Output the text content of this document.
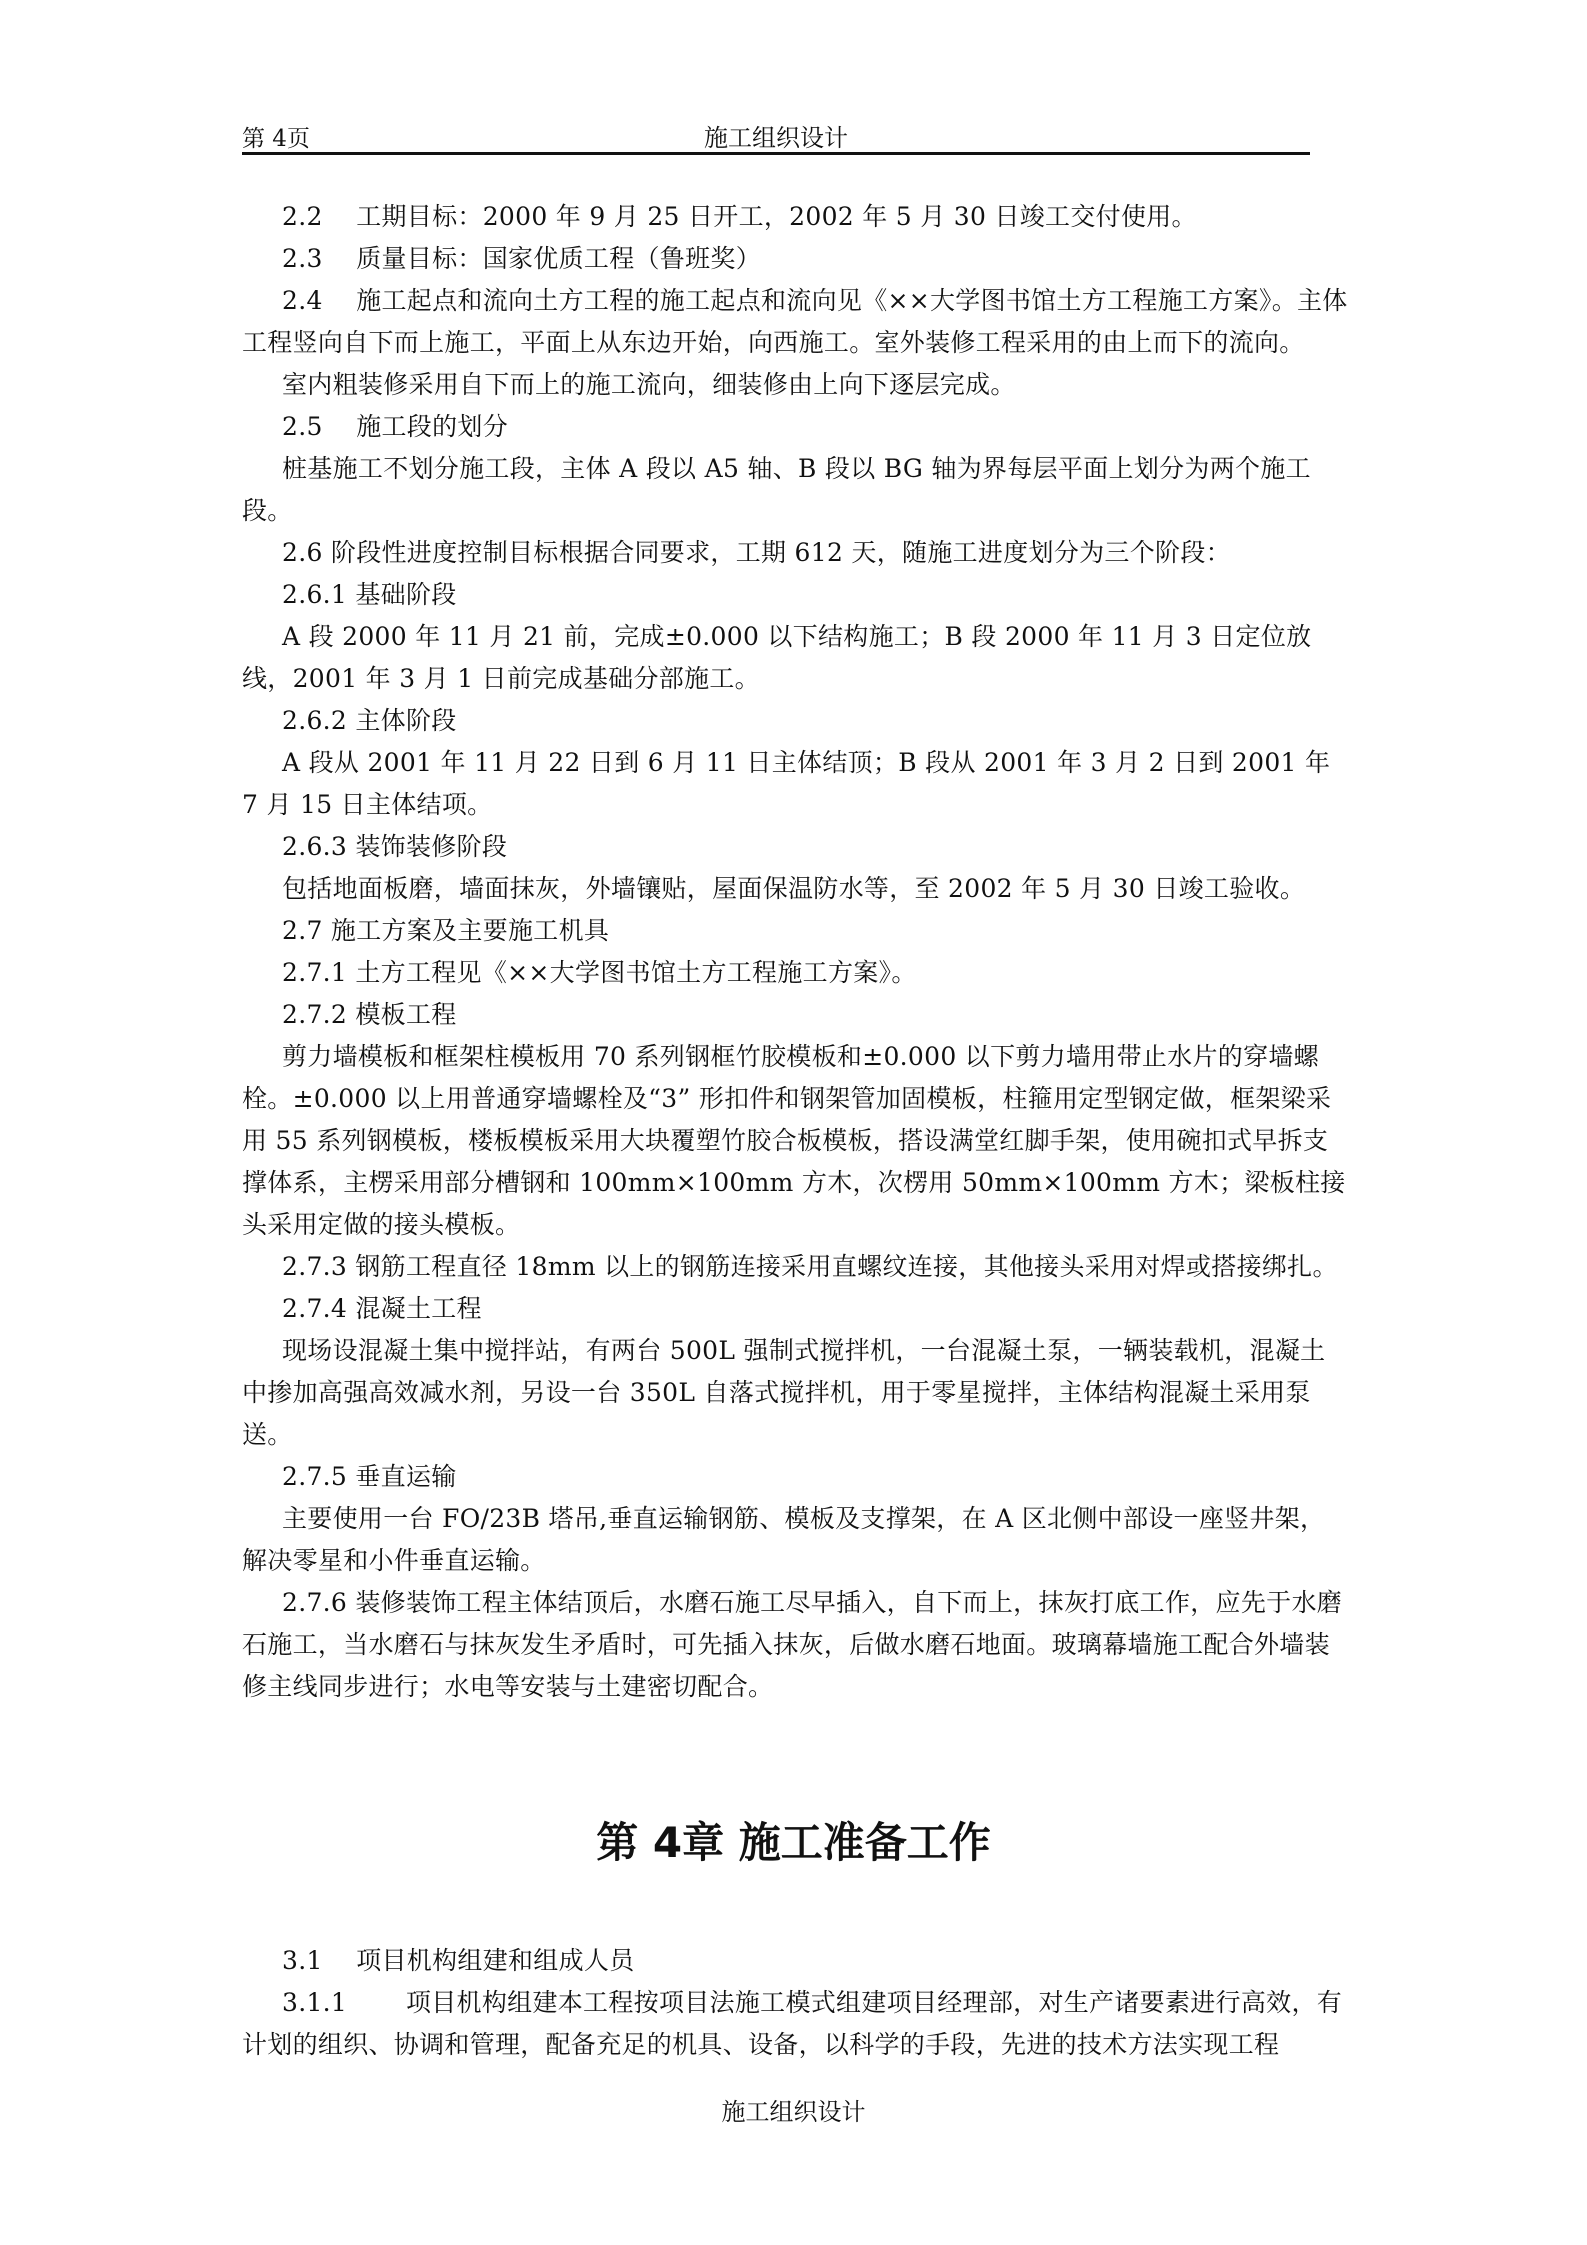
第 4页	施工组织设计

2.2　 工期目标：2000 年 9 月 25 日开工，2002 年 5 月 30 日竣工交付使用。

2.3　 质量目标：国家优质工程（鲁班奖）

2.4　 施工起点和流向土方工程的施工起点和流向见《××大学图书馆土方工程施工方案》。主体工程竖向自下而上施工，平面上从东边开始，向西施工。室外装修工程采用的由上而下的流向。

室内粗装修采用自下而上的施工流向，细装修由上向下逐层完成。

2.5　 施工段的划分

桩基施工不划分施工段，主体 A 段以 A5 轴、B 段以 BG 轴为界每层平面上划分为两个施工段。

2.6 阶段性进度控制目标根据合同要求，工期 612 天，随施工进度划分为三个阶段：

2.6.1 基础阶段

A 段 2000 年 11 月 21 前，完成±0.000 以下结构施工；B 段 2000 年 11 月 3 日定位放线，2001 年 3 月 1 日前完成基础分部施工。

2.6.2 主体阶段

A 段从 2001 年 11 月 22 日到 6 月 11 日主体结顶；B 段从 2001 年 3 月 2 日到 2001 年 7 月 15 日主体结项。

2.6.3 装饰装修阶段

包括地面板磨，墙面抹灰，外墙镶贴，屋面保温防水等，至 2002 年 5 月 30 日竣工验收。

2.7 施工方案及主要施工机具

2.7.1 土方工程见《××大学图书馆土方工程施工方案》。

2.7.2 模板工程

剪力墙模板和框架柱模板用 70 系列钢框竹胶模板和±0.000 以下剪力墙用带止水片的穿墙螺栓。±0.000 以上用普通穿墙螺栓及“3” 形扣件和钢架管加固模板，柱箍用定型钢定做，框架梁采用 55 系列钢模板，楼板模板采用大块覆塑竹胶合板模板，搭设满堂红脚手架，使用碗扣式早拆支撑体系，主楞采用部分槽钢和 100mm×100mm 方木，次楞用 50mm×100mm 方木；梁板柱接头采用定做的接头模板。

2.7.3 钢筋工程直径 18mm 以上的钢筋连接采用直螺纹连接，其他接头采用对焊或搭接绑扎。

2.7.4 混凝土工程

现场设混凝土集中搅拌站，有两台 500L 强制式搅拌机，一台混凝土泵，一辆装载机，混凝土中掺加高强高效减水剂，另设一台 350L 自落式搅拌机，用于零星搅拌，主体结构混凝土采用泵送。

2.7.5 垂直运输

主要使用一台 FO/23B 塔吊,垂直运输钢筋、模板及支撑架，在 A 区北侧中部设一座竖井架，解决零星和小件垂直运输。

2.7.6 装修装饰工程主体结顶后，水磨石施工尽早插入，自下而上，抹灰打底工作，应先于水磨石施工，当水磨石与抹灰发生矛盾时，可先插入抹灰，后做水磨石地面。玻璃幕墙施工配合外墙装修主线同步进行；水电等安装与土建密切配合。

第 4章 施工准备工作

3.1　 项目机构组建和组成人员

3.1.1　　 项目机构组建本工程按项目法施工模式组建项目经理部，对生产诸要素进行高效，有计划的组织、协调和管理，配备充足的机具、设备，以科学的手段，先进的技术方法实现工程

施工组织设计
